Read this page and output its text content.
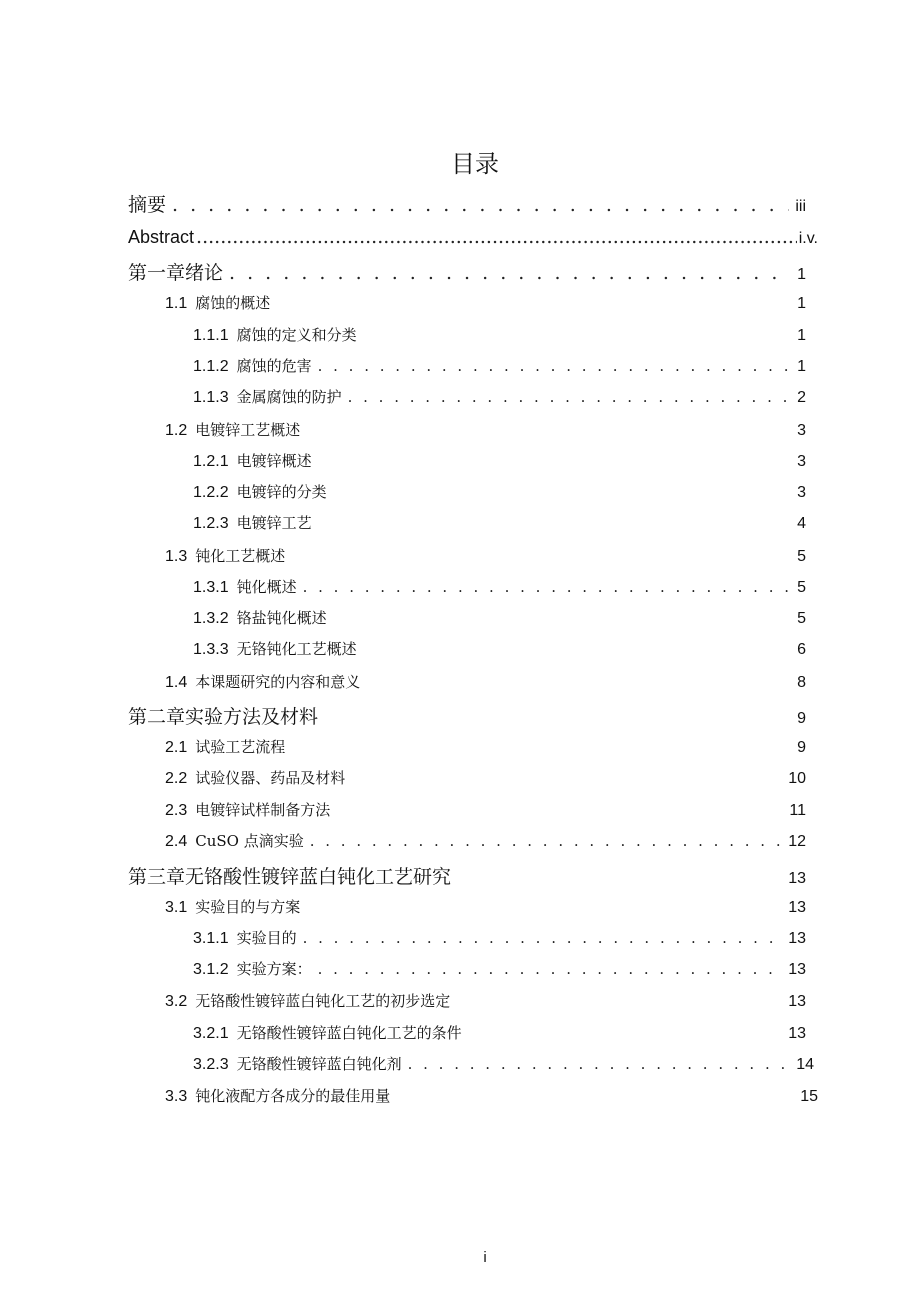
目录
摘要 . . .	iii
Abstract .....	i.v.
第一章绪论 . . .	1
1.1 腐蚀的概述	1
1.1.1 腐蚀的定义和分类	1
1.1.2 腐蚀的危害 . . .	1
1.1.3 金属腐蚀的防护 . . .	2
1.2 电镀锌工艺概述	3
1.2.1 电镀锌概述	3
1.2.2 电镀锌的分类	3
1.2.3 电镀锌工艺	4
1.3 钝化工艺概述	5
1.3.1 钝化概述 . . .	5
1.3.2 铬盐钝化概述	5
1.3.3 无铬钝化工艺概述	6
1.4 本课题研究的内容和意义	8
第二章实验方法及材料	9
2.1 试验工艺流程	9
2.2 试验仪器、药品及材料	10
2.3 电镀锌试样制备方法	11
2.4 CuSO 点滴实验 . . .	12
第三章无铬酸性镀锌蓝白钝化工艺研究	13
3.1 实验目的与方案	13
3.1.1 实验目的 . . .	13
3.1.2 实验方案： . . .	13
3.2 无铬酸性镀锌蓝白钝化工艺的初步选定	13
3.2.1 无铬酸性镀锌蓝白钝化工艺的条件	13
3.2.3 无铬酸性镀锌蓝白钝化剂 . . .	14
3.3 钝化液配方各成分的最佳用量	15
i
